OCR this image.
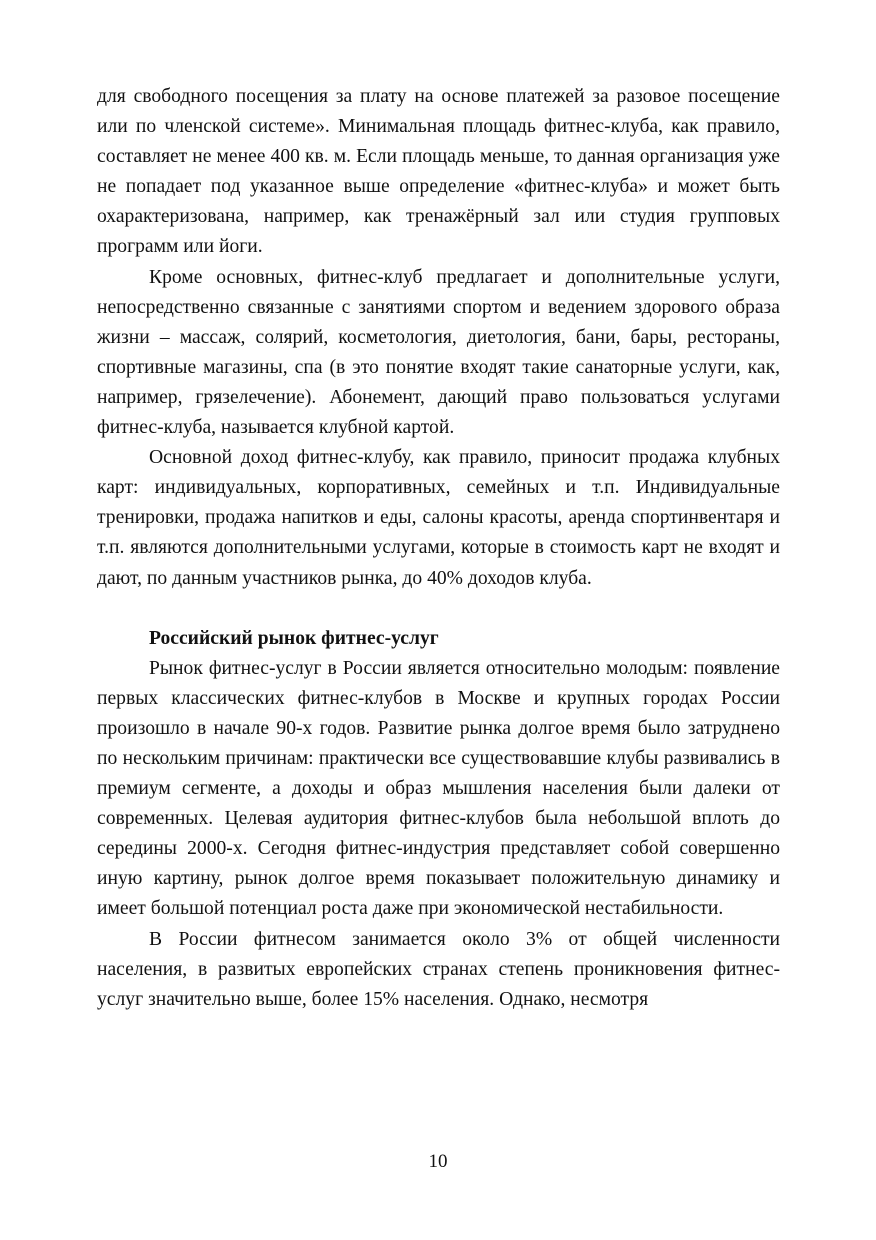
для свободного посещения за плату на основе платежей за разовое посещение или по членской системе». Минимальная площадь фитнес-клуба, как правило, составляет не менее 400 кв. м. Если площадь меньше, то данная организация уже не попадает под указанное выше определение «фитнес-клуба» и может быть охарактеризована, например, как тренажёрный зал или студия групповых программ или йоги.

Кроме основных, фитнес-клуб предлагает и дополнительные услуги, непосредственно связанные с занятиями спортом и ведением здорового образа жизни – массаж, солярий, косметология, диетология, бани, бары, рестораны, спортивные магазины, спа (в это понятие входят такие санаторные услуги, как, например, грязелечение). Абонемент, дающий право пользоваться услугами фитнес-клуба, называется клубной картой.

Основной доход фитнес-клубу, как правило, приносит продажа клубных карт: индивидуальных, корпоративных, семейных и т.п. Индивидуальные тренировки, продажа напитков и еды, салоны красоты, аренда спортинвентаря и т.п. являются дополнительными услугами, которые в стоимость карт не входят и дают, по данным участников рынка, до 40% доходов клуба.

Российский рынок фитнес-услуг

Рынок фитнес-услуг в России является относительно молодым: появление первых классических фитнес-клубов в Москве и крупных городах России произошло в начале 90-х годов. Развитие рынка долгое время было затруднено по нескольким причинам: практически все существовавшие клубы развивались в премиум сегменте, а доходы и образ мышления населения были далеки от современных. Целевая аудитория фитнес-клубов была небольшой вплоть до середины 2000-х. Сегодня фитнес-индустрия представляет собой совершенно иную картину, рынок долгое время показывает положительную динамику и имеет большой потенциал роста даже при экономической нестабильности.

В России фитнесом занимается около 3% от общей численности населения, в развитых европейских странах степень проникновения фитнес-услуг значительно выше, более 15% населения. Однако, несмотря

10
